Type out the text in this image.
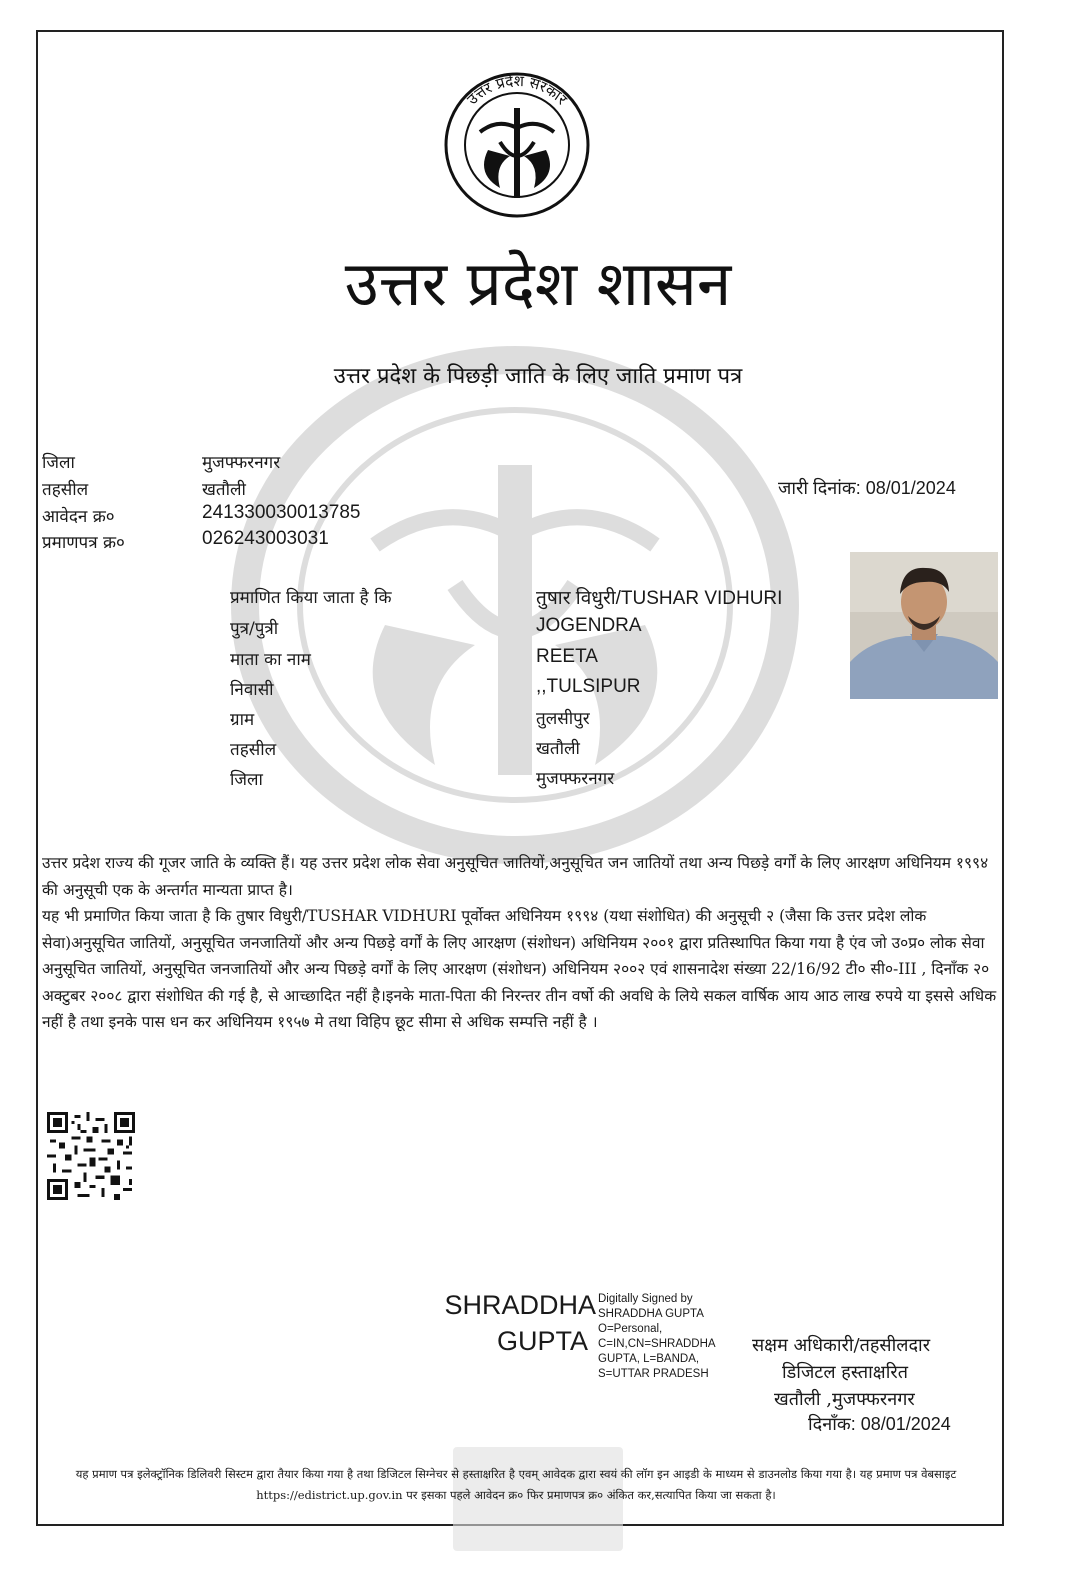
उत्तर प्रदेश सरकार
उत्तर प्रदेश शासन
उत्तर प्रदेश के पिछड़ी जाति के लिए जाति प्रमाण पत्र
जिला	मुजफ्फरनगर
तहसील	खतौली
आवेदन क्र०	241330030013785
प्रमाणपत्र क्र०	026243003031
जारी दिनांक: 08/01/2024
प्रमाणित किया जाता है कि	तुषार विधुरी/TUSHAR VIDHURI
पुत्र/पुत्री	JOGENDRA
माता का नाम	REETA
निवासी	,,TULSIPUR
ग्राम	तुलसीपुर
तहसील	खतौली
जिला	मुजफ्फरनगर

उत्तर प्रदेश राज्य की गूजर जाति के व्यक्ति हैं। यह उत्तर प्रदेश लोक सेवा अनुसूचित जातियों,अनुसूचित जन जातियों तथा अन्य पिछड़े वर्गों के लिए आरक्षण अधिनियम १९९४ की अनुसूची एक के अन्तर्गत मान्यता प्राप्त है।

यह भी प्रमाणित किया जाता है कि तुषार विधुरी/TUSHAR VIDHURI पूर्वोक्त अधिनियम १९९४ (यथा संशोधित) की अनुसूची २ (जैसा कि उत्तर प्रदेश लोक सेवा)अनुसूचित जातियों, अनुसूचित जनजातियों और अन्य पिछड़े वर्गों के लिए आरक्षण (संशोधन) अधिनियम २००१ द्वारा प्रतिस्थापित किया गया है एंव जो उ०प्र० लोक सेवा अनुसूचित जातियों, अनुसूचित जनजातियों और अन्य पिछड़े वर्गों के लिए आरक्षण (संशोधन) अधिनियम २००२ एवं शासनादेश संख्या 22/16/92 टी० सी०-III , दिनाँक २० अक्टुबर २००८ द्वारा संशोधित की गई है, से आच्छादित नहीं है।इनके माता-पिता की निरन्तर तीन वर्षो की अवधि के लिये सकल वार्षिक आय आठ लाख रुपये या इससे अधिक नहीं है तथा इनके पास धन कर अधिनियम १९५७ मे तथा विहिप छूट सीमा से अधिक सम्पत्ति नहीं है ।

SHRADDHA
GUPTA
Digitally Signed by
SHRADDHA GUPTA
O=Personal,
C=IN,CN=SHRADDHA
GUPTA, L=BANDA,
S=UTTAR PRADESH
सक्षम अधिकारी/तहसीलदार
डिजिटल हस्ताक्षरित
खतौली ,मुजफ्फरनगर
दिनाँक: 08/01/2024
यह प्रमाण पत्र इलेक्ट्रॉनिक डिलिवरी सिस्टम द्वारा तैयार किया गया है तथा डिजिटल सिग्नेचर से हस्ताक्षरित है एवम् आवेदक द्वारा स्वयं की लॉग इन आइडी के माध्यम से डाउनलोड किया गया है। यह प्रमाण पत्र वेबसाइट https://edistrict.up.gov.in पर इसका पहले आवेदन क्र० फिर प्रमाणपत्र क्र० अंकित कर,सत्यापित किया जा सकता है।
